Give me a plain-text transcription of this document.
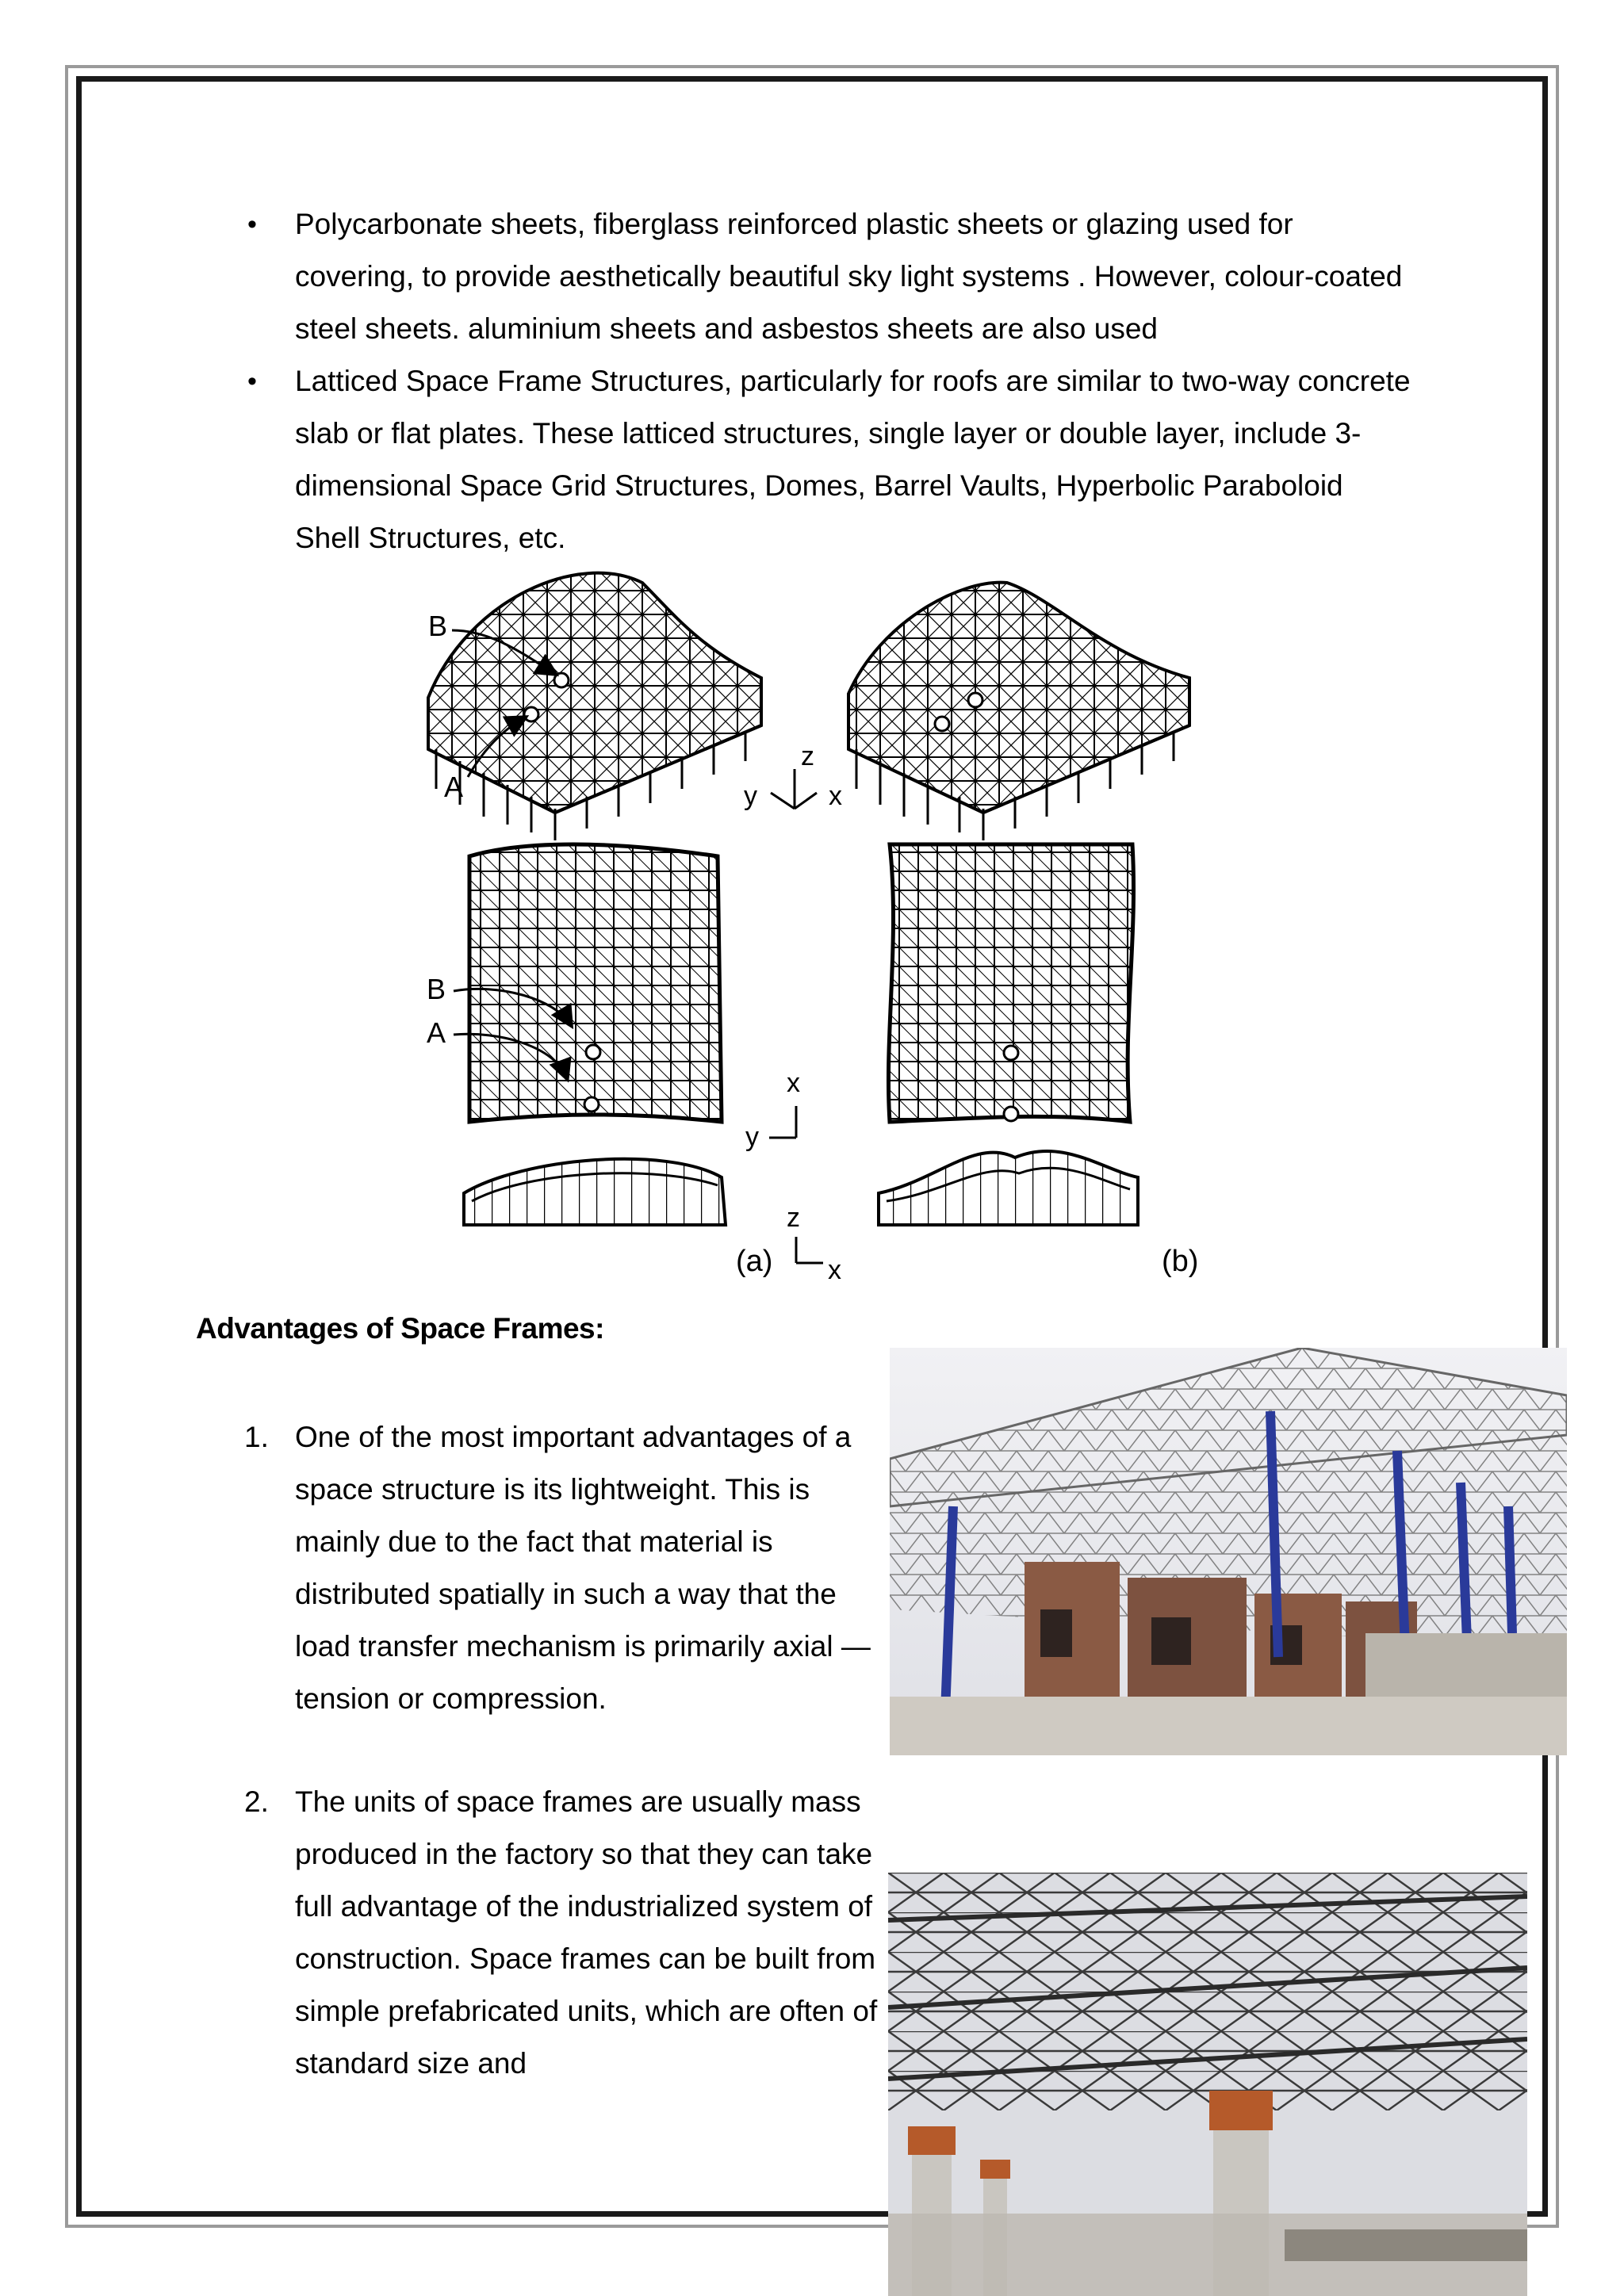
• Polycarbonate sheets, fiberglass reinforced plastic sheets or glazing used for covering, to provide aesthetically beautiful sky light systems . However, colour-coated steel sheets. aluminium sheets and asbestos sheets are also used
• Latticed Space Frame Structures, particularly for roofs are similar to two-way concrete slab or flat plates. These latticed structures, single layer or double layer, include 3-dimensional Space Grid Structures, Domes, Barrel Vaults, Hyperbolic Paraboloid Shell Structures, etc.
B
A
z
y	x
B
A
x
y
z
x
(a)	(b)
Advantages of Space Frames:
1. One of the most important advantages of a space structure is its lightweight. This is mainly due to the fact that material is distributed spatially in such a way that the load transfer mechanism is primarily axial — tension or compression.
2. The units of space frames are usually mass produced in the factory so that they can take full advantage of the industrialized system of construction. Space frames can be built from simple prefabricated units, which are often of standard size and
